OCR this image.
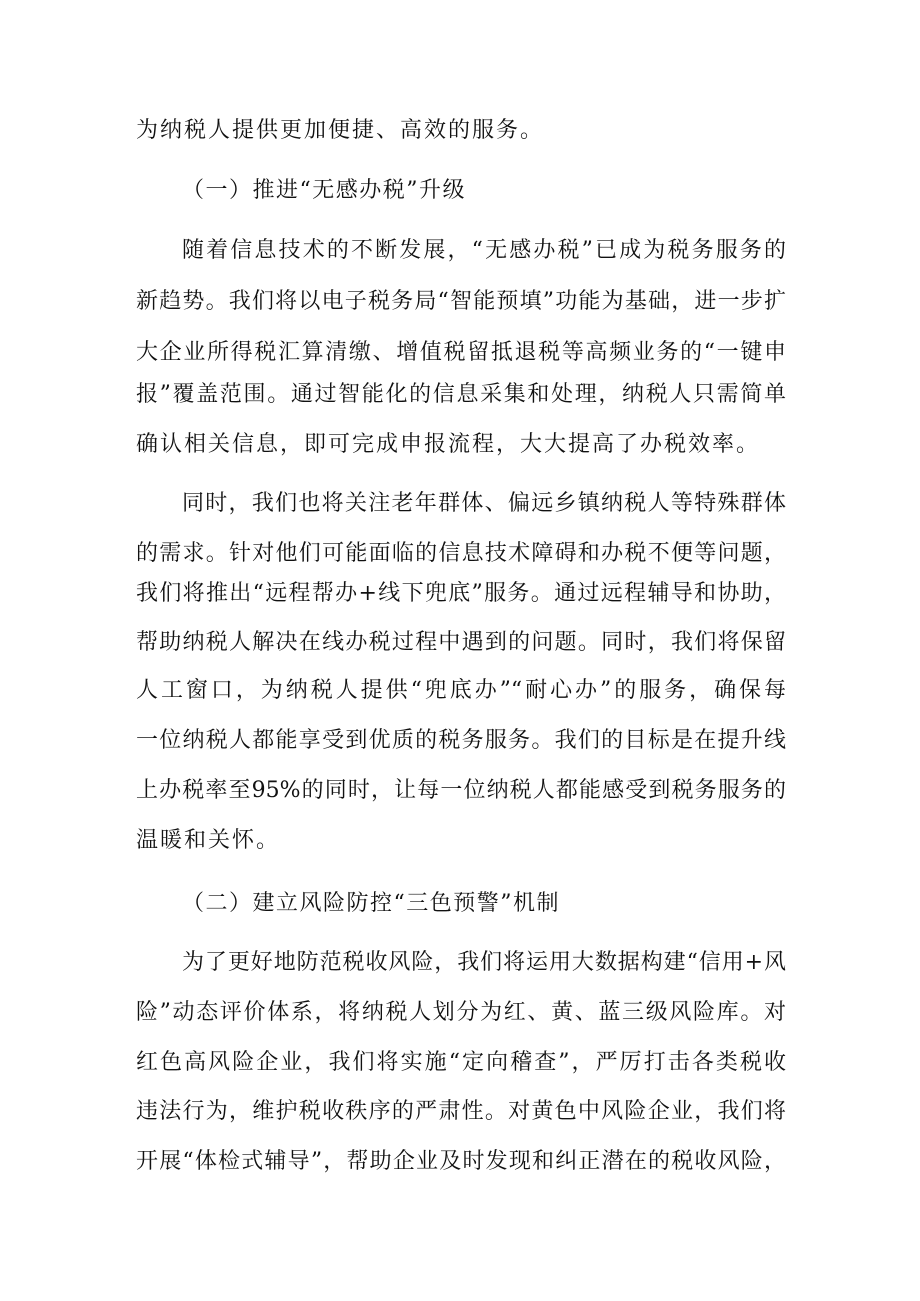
为纳税人提供更加便捷、高效的服务。
（一）推进“无感办税”升级
随着信息技术的不断发展，“无感办税”已成为税务服务的
新趋势。我们将以电子税务局“智能预填”功能为基础，进一步扩
大企业所得税汇算清缴、增值税留抵退税等高频业务的“一键申
报”覆盖范围。通过智能化的信息采集和处理，纳税人只需简单
确认相关信息，即可完成申报流程，大大提高了办税效率。
同时，我们也将关注老年群体、偏远乡镇纳税人等特殊群体
的需求。针对他们可能面临的信息技术障碍和办税不便等问题，
我们将推出“远程帮办+线下兜底”服务。通过远程辅导和协助，
帮助纳税人解决在线办税过程中遇到的问题。同时，我们将保留
人工窗口，为纳税人提供“兜底办”“耐心办”的服务，确保每
一位纳税人都能享受到优质的税务服务。我们的目标是在提升线
上办税率至95%的同时，让每一位纳税人都能感受到税务服务的
温暖和关怀。
（二）建立风险防控“三色预警”机制
为了更好地防范税收风险，我们将运用大数据构建“信用+风
险”动态评价体系，将纳税人划分为红、黄、蓝三级风险库。对
红色高风险企业，我们将实施“定向稽查”，严厉打击各类税收
违法行为，维护税收秩序的严肃性。对黄色中风险企业，我们将
开展“体检式辅导”，帮助企业及时发现和纠正潜在的税收风险，
